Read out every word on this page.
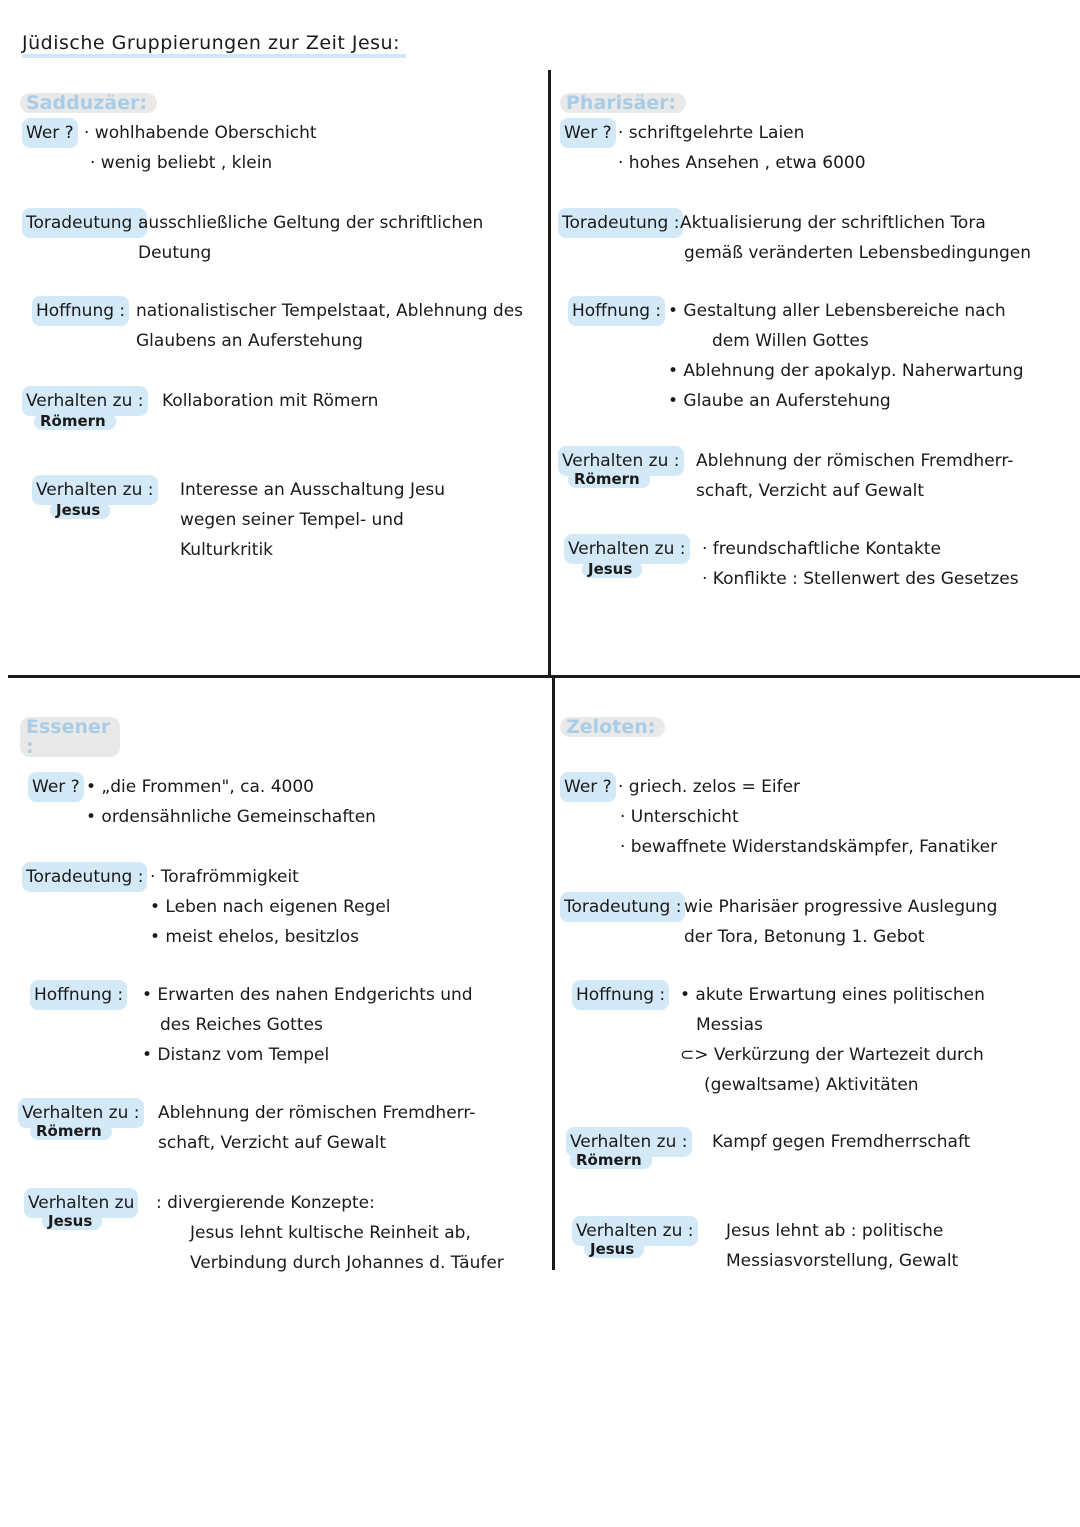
Jüdische Gruppierungen zur Zeit Jesu:
Sadduzäer:
Wer ? · wohlhabende Oberschicht
· wenig beliebt , klein
Toradeutung :
ausschließliche Geltung der schriftlichen
Deutung
Hoffnung : nationalistischer Tempelstaat, Ablehnung des
Glaubens an Auferstehung
Verhalten zu :
Römern
Kollaboration mit Römern
Verhalten zu :
Jesus
Interesse an Ausschaltung Jesu
wegen seiner Tempel- und
Kulturkritik
Pharisäer:
Wer ? · schriftgelehrte Laien
· hohes Ansehen , etwa 6000
Toradeutung : Aktualisierung der schriftlichen Tora
gemäß veränderten Lebensbedingungen
Hoffnung : • Gestaltung aller Lebensbereiche nach
dem Willen Gottes
• Ablehnung der apokalyp. Naherwartung
• Glaube an Auferstehung
Verhalten zu :
Römern
Ablehnung der römischen Fremdherr-
schaft, Verzicht auf Gewalt
Verhalten zu :
Jesus
· freundschaftliche Kontakte
· Konflikte : Stellenwert des Gesetzes
Essener :
Wer ? • „die Frommen", ca. 4000
• ordensähnliche Gemeinschaften
Toradeutung : · Torafrömmigkeit
• Leben nach eigenen Regel
• meist ehelos, besitzlos
Hoffnung : • Erwarten des nahen Endgerichts und
des Reiches Gottes
• Distanz vom Tempel
Verhalten zu :
Römern
Ablehnung der römischen Fremdherr-
schaft, Verzicht auf Gewalt
Verhalten zu
Jesus
: divergierende Konzepte:
Jesus lehnt kultische Reinheit ab,
Verbindung durch Johannes d. Täufer
Zeloten:
Wer ? · griech. zelos = Eifer
· Unterschicht
· bewaffnete Widerstandskämpfer, Fanatiker
Toradeutung : wie Pharisäer progressive Auslegung
der Tora, Betonung 1. Gebot
Hoffnung : • akute Erwartung eines politischen
Messias
⊂> Verkürzung der Wartezeit durch
(gewaltsame) Aktivitäten
Verhalten zu :
Römern
Kampf gegen Fremdherrschaft
Verhalten zu :
Jesus
Jesus lehnt ab : politische
Messiasvorstellung, Gewalt
